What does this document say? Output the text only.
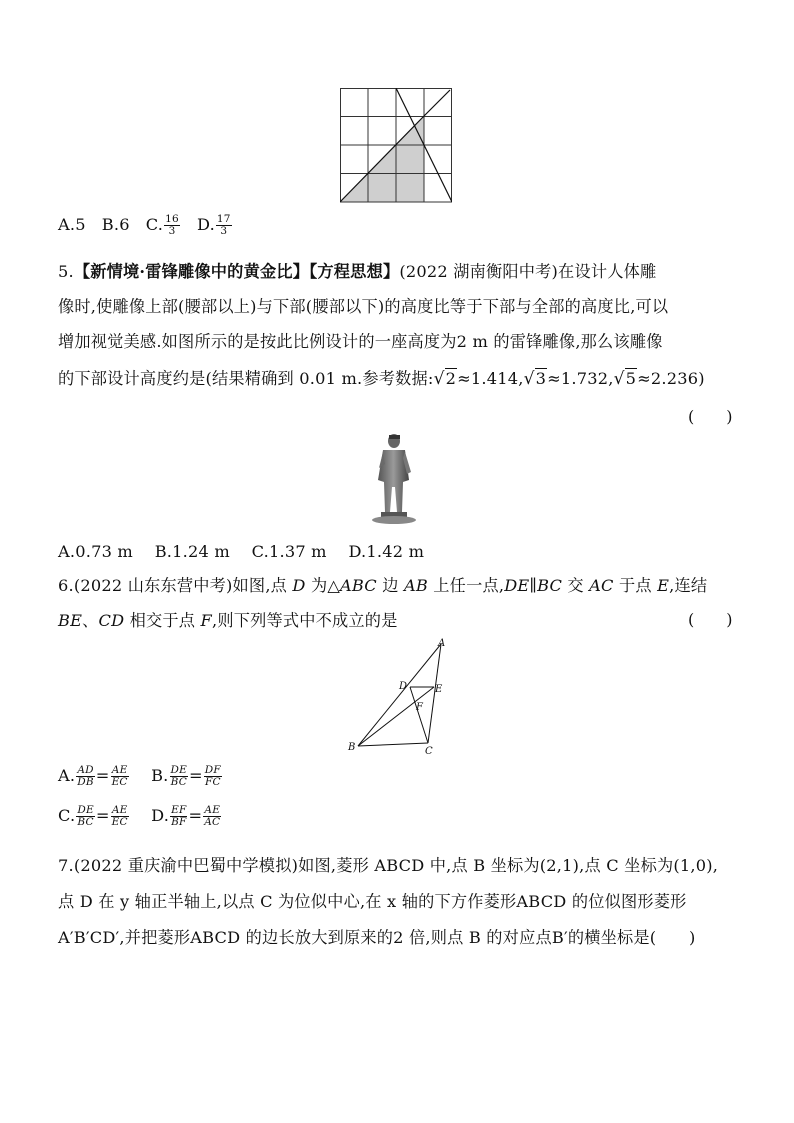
A.5 B.6 C. $\frac{16}{3} D$. $\frac{17}{3}$
5.【新情境·雷锋雕像中的黄金比】【方程思想】(2022 湖南衡阳中考)在设计人体雕
像时,使雕像上部(腰部以上)与下部(腰部以下)的高度比等于下部与全部的高度比,可以
增加视觉美感.如图所示的是按此比例设计的一座高度为2 m 的雷锋雕像,那么该雕像
的下部设计高度约是(结果精确到 0.01 m.参考数据:√2≈1.414,√3≈1.732,√5≈2.236)
(　　)
A.0.73 m　 B.1.24 m　 C.1.37 m　 D.1.42 m
6.(2022 山东东营中考)如图,点 D 为△ABC 边 AB 上任一点,DE∥BC 交 AC 于点 E,连结
BE、CD 相交于点 F,则下列等式中不成立的是	(　　)
A
D	E
F
B	C
A. $\frac{AD}{DB} = \frac{AE}{EC} B$. $\frac{DE}{BC} = \frac{DF}{FC}$
C. $\frac{DE}{BC} = \frac{AE}{EC} D$. $\frac{EF}{BF} = \frac{AE}{AC}$
7.(2022 重庆渝中巴蜀中学模拟)如图,菱形 ABCD 中,点 B 坐标为(2,1),点 C 坐标为(1,0),
点 D 在 y 轴正半轴上,以点 C 为位似中心,在 x 轴的下方作菱形ABCD 的位似图形菱形
A′B′CD′,并把菱形ABCD 的边长放大到原来的2 倍,则点 B 的对应点B′的横坐标是(　　)
